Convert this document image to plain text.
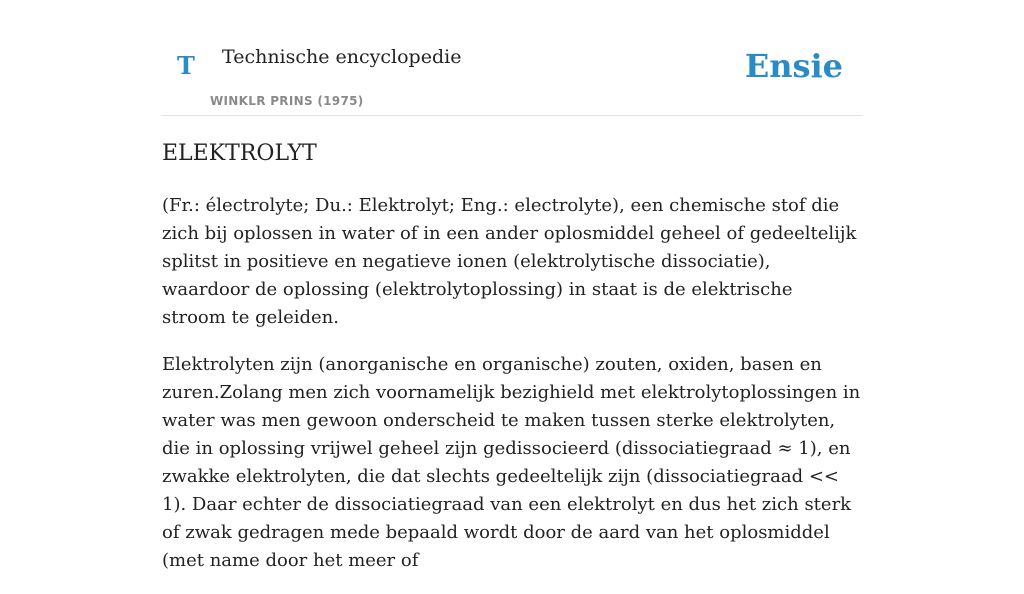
T Technische encyclopedie
WINKLR PRINS (1975)
Ensie
ELEKTROLYT

(Fr.: électrolyte; Du.: Elektrolyt; Eng.: electrolyte), een chemische stof die zich bij oplossen in water of in een ander oplosmiddel geheel of gedeeltelijk splitst in positieve en negatieve ionen (elektrolytische dissociatie), waardoor de oplossing (elektrolytoplossing) in staat is de elektrische stroom te geleiden.

Elektrolyten zijn (anorganische en organische) zouten, oxiden, basen en zuren.Zolang men zich voornamelijk bezighield met elektrolytoplossingen in water was men gewoon onderscheid te maken tussen sterke elektrolyten, die in oplossing vrijwel geheel zijn gedissocieerd (dissociatiegraad ≈ 1), en zwakke elektrolyten, die dat slechts gedeeltelijk zijn (dissociatiegraad << 1). Daar echter de dissociatiegraad van een elektrolyt en dus het zich sterk of zwak gedragen mede bepaald wordt door de aard van het oplosmiddel (met name door het meer of
